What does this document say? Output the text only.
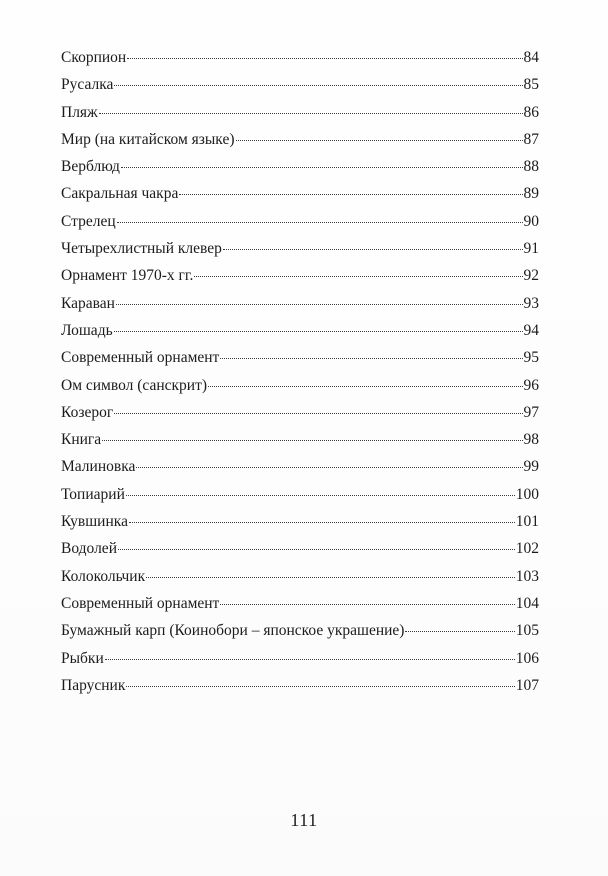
Скорпион	84
Русалка	85
Пляж	86
Мир (на китайском языке)	87
Верблюд	88
Сакральная чакра	89
Стрелец	90
Четырехлистный клевер	91
Орнамент 1970-х гг.	92
Караван	93
Лошадь	94
Современный орнамент	95
Ом символ (санскрит)	96
Козерог	97
Книга	98
Малиновка	99
Топиарий	100
Кувшинка	101
Водолей	102
Колокольчик	103
Современный орнамент	104
Бумажный карп (Коинобори – японское украшение)	105
Рыбки	106
Парусник	107
111
